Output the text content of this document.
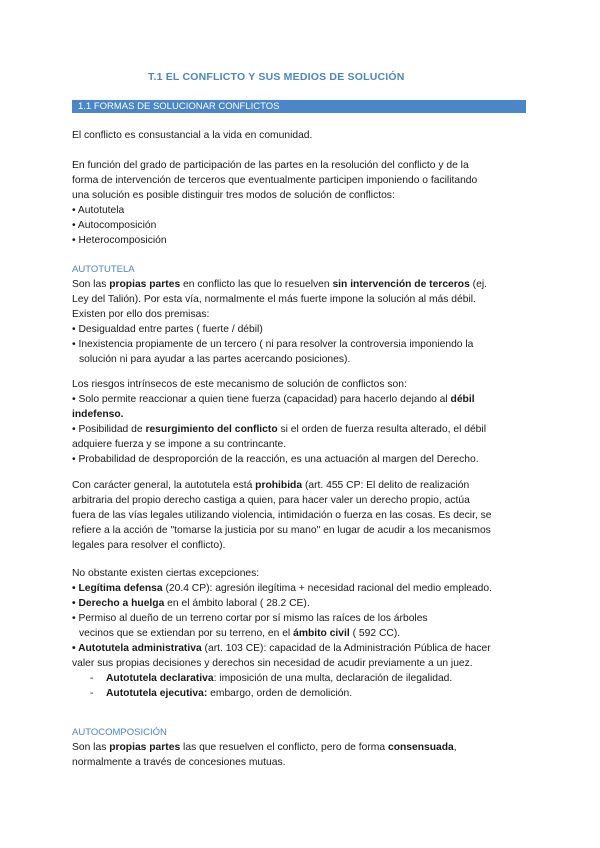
T.1 EL CONFLICTO Y SUS MEDIOS DE SOLUCIÓN
1.1 FORMAS DE SOLUCIONAR CONFLICTOS

El conflicto es consustancial a la vida en comunidad.

En función del grado de participación de las partes en la resolución del conflicto y de la

forma de intervención de terceros que eventualmente participen imponiendo o facilitando

una solución es posible distinguir tres modos de solución de conflictos:

• Autotutela

• Autocomposición

• Heterocomposición

AUTOTUTELA

Son las propias partes en conflicto las que lo resuelven sin intervención de terceros (ej.

Ley del Talión). Por esta vía, normalmente el más fuerte impone la solución al más débil.

Existen por ello dos premisas:

• Desigualdad entre partes ( fuerte / débil)

• Inexistencia propiamente de un tercero ( ni para resolver la controversia imponiendo la

solución ni para ayudar a las partes acercando posiciones).

Los riesgos intrínsecos de este mecanismo de solución de conflictos son:

• Solo permite reaccionar a quien tiene fuerza (capacidad) para hacerlo dejando al débil

indefenso.

• Posibilidad de resurgimiento del conflicto si el orden de fuerza resulta alterado, el débil

adquiere fuerza y se impone a su contrincante.

• Probabilidad de desproporción de la reacción, es una actuación al margen del Derecho.

Con carácter general, la autotutela está prohibida (art. 455 CP: El delito de realización

arbitraria del propio derecho castiga a quien, para hacer valer un derecho propio, actúa

fuera de las vías legales utilizando violencia, intimidación o fuerza en las cosas. Es decir, se

refiere a la acción de "tomarse la justicia por su mano" en lugar de acudir a los mecanismos

legales para resolver el conflicto).

No obstante existen ciertas excepciones:

• Legítima defensa (20.4 CP): agresión ilegítima + necesidad racional del medio empleado.

• Derecho a huelga en el ámbito laboral ( 28.2 CE).

• Permiso al dueño de un terreno cortar por sí mismo las raíces de los árboles

vecinos que se extiendan por su terreno, en el ámbito civil ( 592 CC).

• Autotutela administrativa (art. 103 CE): capacidad de la Administración Pública de hacer

valer sus propias decisiones y derechos sin necesidad de acudir previamente a un juez.

- Autotutela declarativa: imposición de una multa, declaración de ilegalidad.

- Autotutela ejecutiva: embargo, orden de demolición.

AUTOCOMPOSICIÓN

Son las propias partes las que resuelven el conflicto, pero de forma consensuada,

normalmente a través de concesiones mutuas.
